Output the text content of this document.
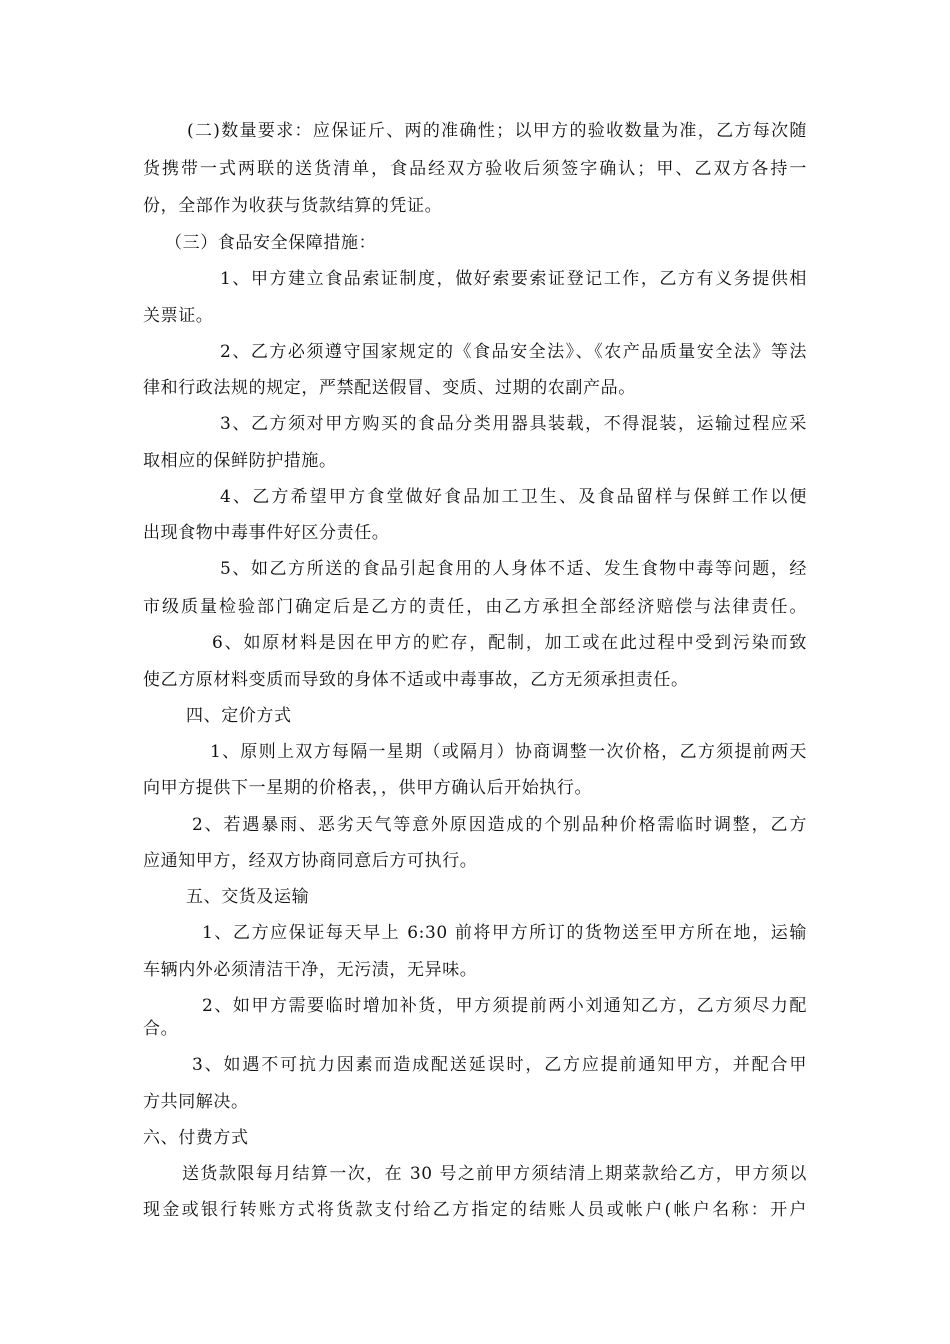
(二)数量要求：应保证斤、两的准确性；以甲方的验收数量为准，乙方每次随
货携带一式两联的送货清单，食品经双方验收后须签字确认；甲、乙双方各持一
份，全部作为收获与货款结算的凭证。
（三）食品安全保障措施：
1、甲方建立食品索证制度，做好索要索证登记工作，乙方有义务提供相
关票证。
2、乙方必须遵守国家规定的《食品安全法》、《农产品质量安全法》等法
律和行政法规的规定，严禁配送假冒、变质、过期的农副产品。
3、乙方须对甲方购买的食品分类用器具装载，不得混装，运输过程应采
取相应的保鲜防护措施。
4、乙方希望甲方食堂做好食品加工卫生、及食品留样与保鲜工作以便
出现食物中毒事件好区分责任。
5、如乙方所送的食品引起食用的人身体不适、发生食物中毒等问题，经
市级质量检验部门确定后是乙方的责任，由乙方承担全部经济赔偿与法律责任。
6、如原材料是因在甲方的贮存，配制，加工或在此过程中受到污染而致
使乙方原材料变质而导致的身体不适或中毒事故，乙方无须承担责任。
四、定价方式
1、原则上双方每隔一星期（或隔月）协商调整一次价格，乙方须提前两天
向甲方提供下一星期的价格表，，供甲方确认后开始执行。
2、若遇暴雨、恶劣天气等意外原因造成的个别品种价格需临时调整，乙方
应通知甲方，经双方协商同意后方可执行。
五、交货及运输
1、乙方应保证每天早上 6:30 前将甲方所订的货物送至甲方所在地，运输
车辆内外必须清洁干净，无污渍，无异味。
2、如甲方需要临时增加补货，甲方须提前两小刘通知乙方，乙方须尽力配
合。
3、如遇不可抗力因素而造成配送延误时，乙方应提前通知甲方，并配合甲
方共同解决。
六、付费方式
送货款限每月结算一次，在 30 号之前甲方须结清上期菜款给乙方，甲方须以
现金或银行转账方式将货款支付给乙方指定的结账人员或帐户(帐户名称：开户
